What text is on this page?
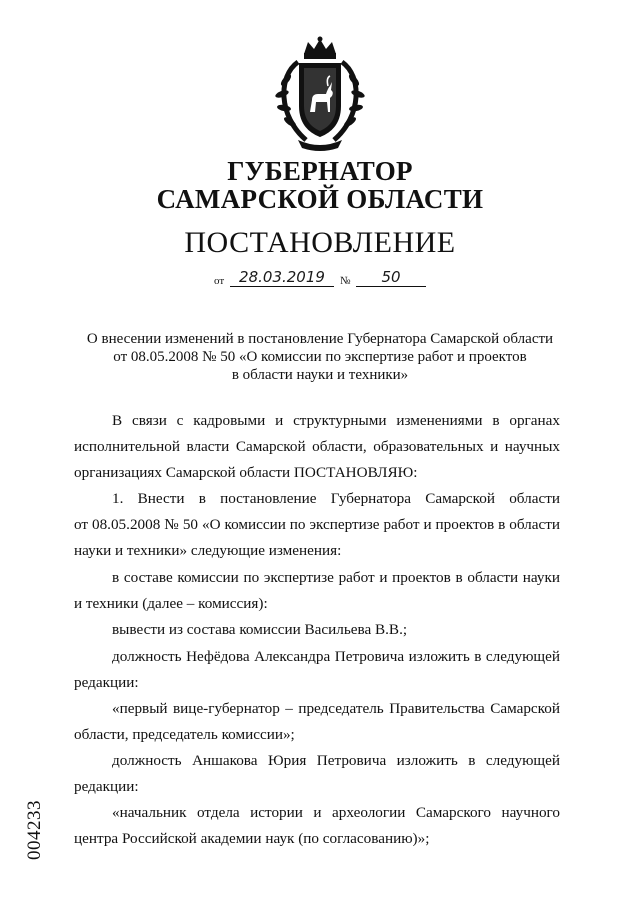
ГУБЕРНАТОР
САМАРСКОЙ ОБЛАСТИ
ПОСТАНОВЛЕНИЕ
от 28.03.2019	№	50
О внесении изменений в постановление Губернатора Самарской области
от 08.05.2008 № 50 «О комиссии по экспертизе работ и проектов
в области науки и техники»
В связи с кадровыми и структурными изменениями в органах
исполнительной власти Самарской области, образовательных и научных
организациях Самарской области ПОСТАНОВЛЯЮ:
1. Внести в постановление Губернатора Самарской области
от 08.05.2008 № 50 «О комиссии по экспертизе работ и проектов в области
науки и техники» следующие изменения:
в составе комиссии по экспертизе работ и проектов в области науки
и техники (далее – комиссия):
вывести из состава комиссии Васильева В.В.;
должность Нефёдова Александра Петровича изложить в следующей
редакции:
«первый вице-губернатор – председатель Правительства Самарской
области, председатель комиссии»;
должность Аншакова Юрия Петровича изложить в следующей
редакции:
«начальник отдела истории и археологии Самарского научного
центра Российской академии наук (по согласованию)»;
004233
